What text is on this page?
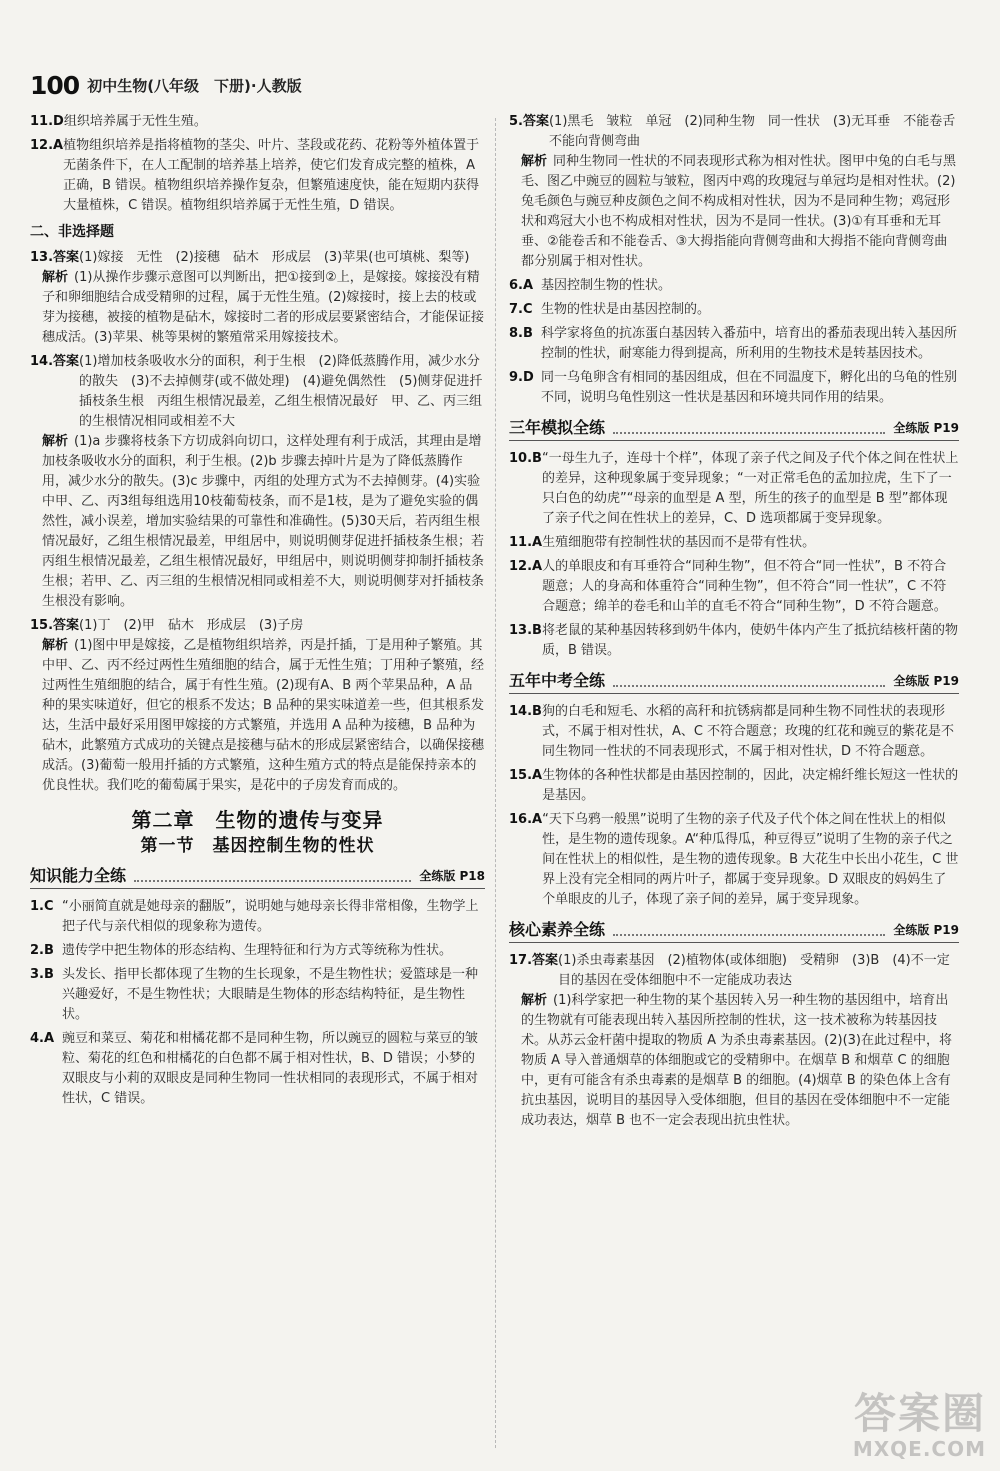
100 初中生物(八年级　下册)·人教版
11.D 组织培养属于无性生殖。
12.A 植物组织培养是指将植物的茎尖、叶片、茎段或花药、花粉等外植体置于无菌条件下，在人工配制的培养基上培养，使它们发育成完整的植株，A 正确，B 错误。植物组织培养操作复杂，但繁殖速度快，能在短期内获得大量植株，C 错误。植物组织培养属于无性生殖，D 错误。
二、非选择题
13.答案 (1)嫁接　无性　(2)接穗　砧木　形成层　(3)苹果(也可填桃、梨等)
解析 (1)从操作步骤示意图可以判断出，把①接到②上，是嫁接。嫁接没有精子和卵细胞结合成受精卵的过程，属于无性生殖。(2)嫁接时，接上去的枝或芽为接穗，被接的植物是砧木，嫁接时二者的形成层要紧密结合，才能保证接穗成活。(3)苹果、桃等果树的繁殖常采用嫁接技术。
14.答案 (1)增加枝条吸收水分的面积，利于生根　(2)降低蒸腾作用，减少水分的散失　(3)不去掉侧芽(或不做处理)　(4)避免偶然性　(5)侧芽促进扦插枝条生根　丙组生根情况最差，乙组生根情况最好　甲、乙、丙三组的生根情况相同或相差不大
解析 (1)a 步骤将枝条下方切成斜向切口，这样处理有利于成活，其理由是增加枝条吸收水分的面积，利于生根。(2)b 步骤去掉叶片是为了降低蒸腾作用，减少水分的散失。(3)c 步骤中，丙组的处理方式为不去掉侧芽。(4)实验中甲、乙、丙3组每组选用10枝葡萄枝条，而不是1枝，是为了避免实验的偶然性，减小误差，增加实验结果的可靠性和准确性。(5)30天后，若丙组生根情况最好，乙组生根情况最差，甲组居中，则说明侧芽促进扦插枝条生根；若丙组生根情况最差，乙组生根情况最好，甲组居中，则说明侧芽抑制扦插枝条生根；若甲、乙、丙三组的生根情况相同或相差不大，则说明侧芽对扦插枝条生根没有影响。
15.答案 (1)丁　(2)甲　砧木　形成层　(3)子房
解析 (1)图中甲是嫁接，乙是植物组织培养，丙是扦插，丁是用种子繁殖。其中甲、乙、丙不经过两性生殖细胞的结合，属于无性生殖；丁用种子繁殖，经过两性生殖细胞的结合，属于有性生殖。(2)现有A、B 两个苹果品种，A 品种的果实味道好，但它的根系不发达；B 品种的果实味道差一些，但其根系发达，生活中最好采用图甲嫁接的方式繁殖，并选用 A 品种为接穗，B 品种为砧木，此繁殖方式成功的关键点是接穗与砧木的形成层紧密结合，以确保接穗成活。(3)葡萄一般用扦插的方式繁殖，这种生殖方式的特点是能保持亲本的优良性状。我们吃的葡萄属于果实，是花中的子房发育而成的。
第二章　生物的遗传与变异
第一节　基因控制生物的性状
知识能力全练	全练版 P18
1.C “小丽简直就是她母亲的翻版”，说明她与她母亲长得非常相像，生物学上把子代与亲代相似的现象称为遗传。
2.B 遗传学中把生物体的形态结构、生理特征和行为方式等统称为性状。
3.B 头发长、指甲长都体现了生物的生长现象，不是生物性状；爱篮球是一种兴趣爱好，不是生物性状；大眼睛是生物体的形态结构特征，是生物性状。
4.A 豌豆和菜豆、菊花和柑橘花都不是同种生物，所以豌豆的圆粒与菜豆的皱粒、菊花的红色和柑橘花的白色都不属于相对性状，B、D 错误；小梦的双眼皮与小莉的双眼皮是同种生物同一性状相同的表现形式，不属于相对性状，C 错误。
5.答案 (1)黑毛　皱粒　单冠　(2)同种生物　同一性状　(3)无耳垂　不能卷舌　不能向背侧弯曲
解析 同种生物同一性状的不同表现形式称为相对性状。图甲中兔的白毛与黑毛、图乙中豌豆的圆粒与皱粒，图丙中鸡的玫瑰冠与单冠均是相对性状。(2)兔毛颜色与豌豆种皮颜色之间不构成相对性状，因为不是同种生物；鸡冠形状和鸡冠大小也不构成相对性状，因为不是同一性状。(3)①有耳垂和无耳垂、②能卷舌和不能卷舌、③大拇指能向背侧弯曲和大拇指不能向背侧弯曲都分别属于相对性状。
6.A 基因控制生物的性状。
7.C 生物的性状是由基因控制的。
8.B 科学家将鱼的抗冻蛋白基因转入番茄中，培育出的番茄表现出转入基因所控制的性状，耐寒能力得到提高，所利用的生物技术是转基因技术。
9.D 同一乌龟卵含有相同的基因组成，但在不同温度下，孵化出的乌龟的性别不同，说明乌龟性别这一性状是基因和环境共同作用的结果。
三年模拟全练	全练版 P19
10.B “一母生九子，连母十个样”，体现了亲子代之间及子代个体之间在性状上的差异，这种现象属于变异现象；“一对正常毛色的孟加拉虎，生下了一只白色的幼虎”“母亲的血型是 A 型，所生的孩子的血型是 B 型”都体现了亲子代之间在性状上的差异，C、D 选项都属于变异现象。
11.A 生殖细胞带有控制性状的基因而不是带有性状。
12.A 人的单眼皮和有耳垂符合“同种生物”，但不符合“同一性状”，B 不符合题意；人的身高和体重符合“同种生物”，但不符合“同一性状”，C 不符合题意；绵羊的卷毛和山羊的直毛不符合“同种生物”，D 不符合题意。
13.B 将老鼠的某种基因转移到奶牛体内，使奶牛体内产生了抵抗结核杆菌的物质，B 错误。
五年中考全练	全练版 P19
14.B 狗的白毛和短毛、水稻的高秆和抗锈病都是同种生物不同性状的表现形式，不属于相对性状，A、C 不符合题意；玫瑰的红花和豌豆的紫花是不同生物同一性状的不同表现形式，不属于相对性状，D 不符合题意。
15.A 生物体的各种性状都是由基因控制的，因此，决定棉纤维长短这一性状的是基因。
16.A “天下乌鸦一般黑”说明了生物的亲子代及子代个体之间在性状上的相似性，是生物的遗传现象。A“种瓜得瓜，种豆得豆”说明了生物的亲子代之间在性状上的相似性，是生物的遗传现象。B 大花生中长出小花生，C 世界上没有完全相同的两片叶子，都属于变异现象。D 双眼皮的妈妈生了个单眼皮的儿子，体现了亲子间的差异，属于变异现象。
核心素养全练	全练版 P19
17.答案 (1)杀虫毒素基因　(2)植物体(或体细胞)　受精卵　(3)B　(4)不一定　目的基因在受体细胞中不一定能成功表达
解析 (1)科学家把一种生物的某个基因转入另一种生物的基因组中，培育出的生物就有可能表现出转入基因所控制的性状，这一技术被称为转基因技术。从苏云金杆菌中提取的物质 A 为杀虫毒素基因。(2)(3)在此过程中，将物质 A 导入普通烟草的体细胞或它的受精卵中。在烟草 B 和烟草 C 的细胞中，更有可能含有杀虫毒素的是烟草 B 的细胞。(4)烟草 B 的染色体上含有抗虫基因，说明目的基因导入受体细胞，但目的基因在受体细胞中不一定能成功表达，烟草 B 也不一定会表现出抗虫性状。
答案圈
MXQE.COM
